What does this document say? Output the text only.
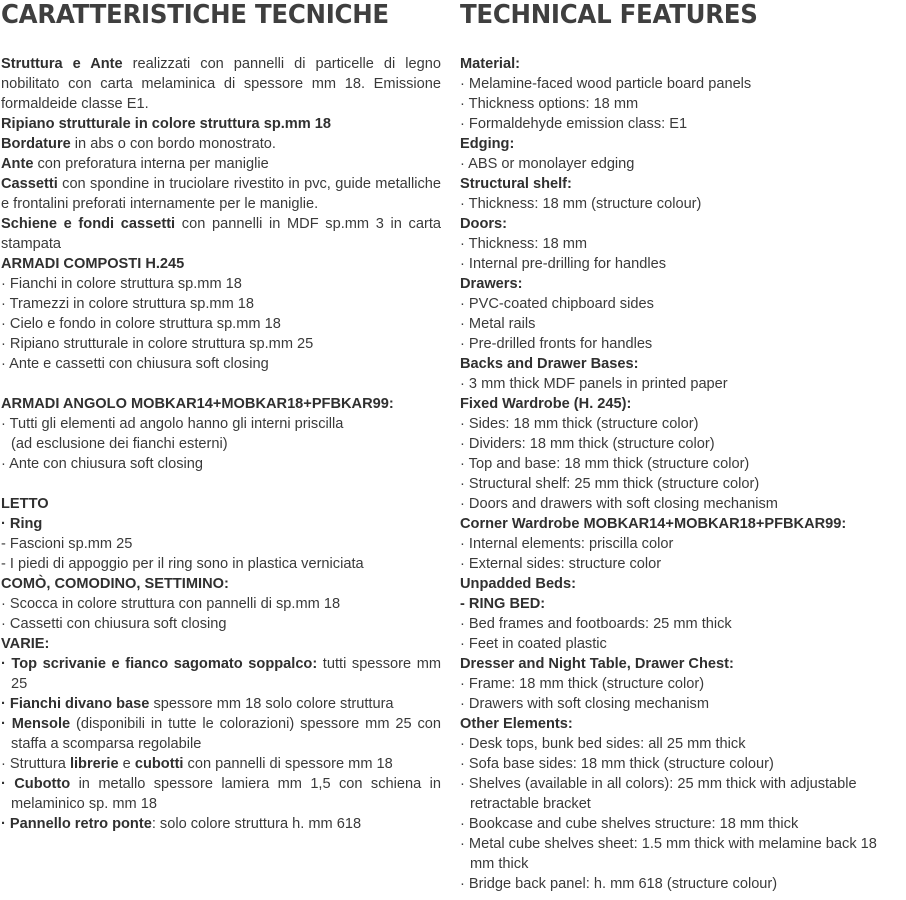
CARATTERISTICHE TECNICHE

Struttura e Ante realizzati con pannelli di particelle di legno nobilitato con carta melaminica di spessore mm 18. Emissione formaldeide classe E1.

Ripiano strutturale in colore struttura sp.mm 18

Bordature in abs o con bordo monostrato.

Ante con preforatura interna per maniglie

Cassetti con spondine in truciolare rivestito in pvc, guide metalliche e frontalini preforati internamente per le maniglie.

Schiene e fondi cassetti con pannelli in MDF sp.mm 3 in carta stampata

ARMADI COMPOSTI H.245

· Fianchi in colore struttura sp.mm 18

· Tramezzi in colore struttura sp.mm 18

· Cielo e fondo in colore struttura sp.mm 18

· Ripiano strutturale in colore struttura sp.mm 25

· Ante e cassetti con chiusura soft closing

ARMADI ANGOLO MOBKAR14+MOBKAR18+PFBKAR99:

· Tutti gli elementi ad angolo hanno gli interni priscilla

(ad esclusione dei fianchi esterni)

· Ante con chiusura soft closing

LETTO

· Ring

- Fascioni sp.mm 25

- I piedi di appoggio per il ring sono in plastica verniciata

COMÒ, COMODINO, SETTIMINO:

· Scocca in colore struttura con pannelli di sp.mm 18

· Cassetti con chiusura soft closing

VARIE:

· Top scrivanie e fianco sagomato soppalco: tutti spessore mm 25

· Fianchi divano base spessore mm 18 solo colore struttura

· Mensole (disponibili in tutte le colorazioni) spessore mm 25 con staffa a scomparsa regolabile

· Struttura librerie e cubotti con pannelli di spessore mm 18

· Cubotto in metallo spessore lamiera mm 1,5 con schiena in melaminico sp. mm 18

· Pannello retro ponte: solo colore struttura h. mm 618

TECHNICAL FEATURES

Material:

· Melamine-faced wood particle board panels

· Thickness options: 18 mm

· Formaldehyde emission class: E1

Edging:

· ABS or monolayer edging

Structural shelf:

· Thickness: 18 mm (structure colour)

Doors:

· Thickness: 18 mm

· Internal pre-drilling for handles

Drawers:

· PVC-coated chipboard sides

· Metal rails

· Pre-drilled fronts for handles

Backs and Drawer Bases:

· 3 mm thick MDF panels in printed paper

Fixed Wardrobe (H. 245):

· Sides: 18 mm thick (structure color)

· Dividers: 18 mm thick (structure color)

· Top and base: 18 mm thick (structure color)

· Structural shelf: 25 mm thick (structure color)

· Doors and drawers with soft closing mechanism

Corner Wardrobe MOBKAR14+MOBKAR18+PFBKAR99:

· Internal elements: priscilla color

· External sides: structure color

Unpadded Beds:

- RING BED:

· Bed frames and footboards: 25 mm thick

· Feet in coated plastic

Dresser and Night Table, Drawer Chest:

· Frame: 18 mm thick (structure color)

· Drawers with soft closing mechanism

Other Elements:

· Desk tops, bunk bed sides: all 25 mm thick

· Sofa base sides: 18 mm thick (structure colour)

· Shelves (available in all colors): 25 mm thick with adjustable retractable bracket

· Bookcase and cube shelves structure: 18 mm thick

· Metal cube shelves sheet: 1.5 mm thick with melamine back 18 mm thick

· Bridge back panel: h. mm 618 (structure colour)
